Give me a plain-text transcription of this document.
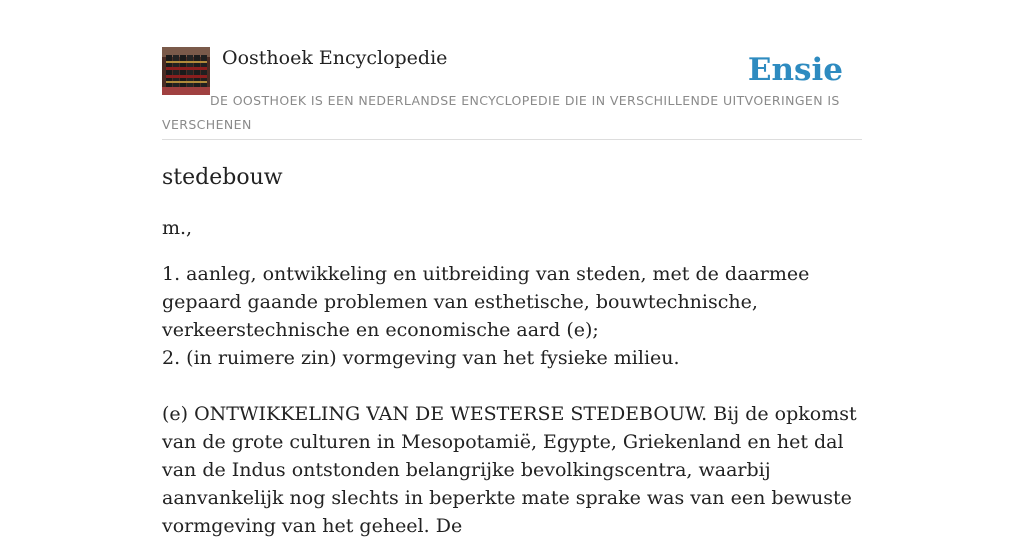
Oosthoek Encyclopedie	Ensie
DE OOSTHOEK IS EEN NEDERLANDSE ENCYCLOPEDIE DIE IN VERSCHILLENDE UITVOERINGEN IS VERSCHENEN
stedebouw

m.,

1. aanleg, ontwikkeling en uitbreiding van steden, met de daarmee gepaard gaande problemen van esthetische, bouwtechnische, verkeerstechnische en economische aard (e);
2. (in ruimere zin) vormgeving van het fysieke milieu.

(e) ONTWIKKELING VAN DE WESTERSE STEDEBOUW. Bij de opkomst van de grote culturen in Mesopotamië, Egypte, Griekenland en het dal van de Indus ontstonden belangrijke bevolkingscentra, waarbij aanvankelijk nog slechts in beperkte mate sprake was van een bewuste vormgeving van het geheel. De
